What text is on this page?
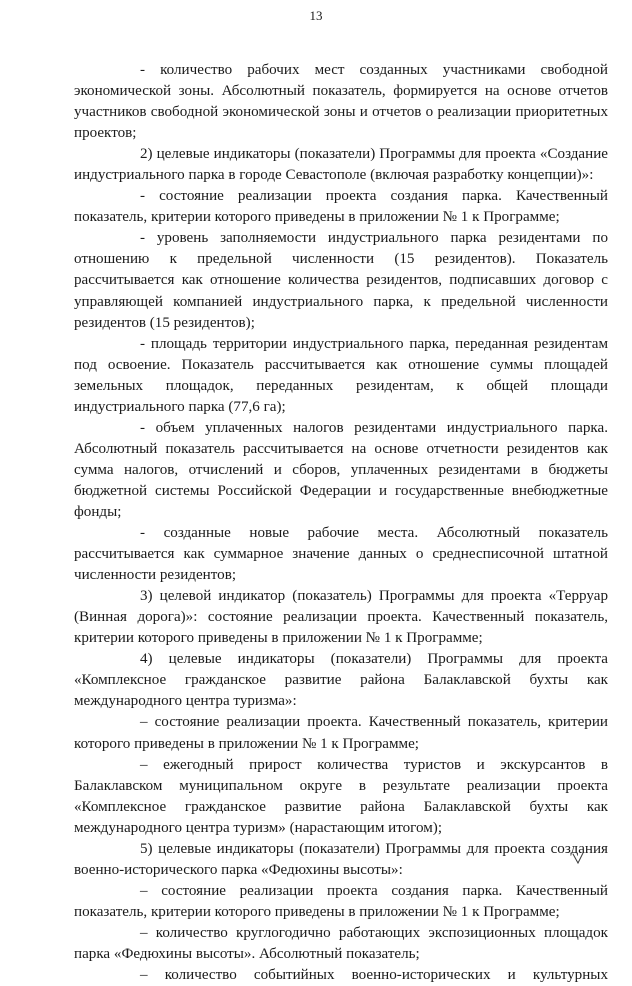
13

- количество рабочих мест созданных участниками свободной экономической зоны. Абсолютный показатель, формируется на основе отчетов участников свободной экономической зоны и отчетов о реализации приоритетных проектов;

2) целевые индикаторы (показатели) Программы для проекта «Создание индустриального парка в городе Севастополе (включая разработку концепции)»:

- состояние реализации проекта создания парка. Качественный показатель, критерии которого приведены в приложении № 1 к Программе;

- уровень заполняемости индустриального парка резидентами по отношению к предельной численности (15 резидентов). Показатель рассчитывается как отношение количества резидентов, подписавших договор с управляющей компанией индустриального парка, к предельной численности резидентов (15 резидентов);

- площадь территории индустриального парка, переданная резидентам под освоение. Показатель рассчитывается как отношение суммы площадей земельных площадок, переданных резидентам, к общей площади индустриального парка (77,6 га);

- объем уплаченных налогов резидентами индустриального парка. Абсолютный показатель рассчитывается на основе отчетности резидентов как сумма налогов, отчислений и сборов, уплаченных резидентами в бюджеты бюджетной системы Российской Федерации и государственные внебюджетные фонды;

- созданные новые рабочие места. Абсолютный показатель рассчитывается как суммарное значение данных о среднесписочной штатной численности резидентов;

3) целевой индикатор (показатель) Программы для проекта «Терруар (Винная дорога)»: состояние реализации проекта. Качественный показатель, критерии которого приведены в приложении № 1 к Программе;

4) целевые индикаторы (показатели) Программы для проекта «Комплексное гражданское развитие района Балаклавской бухты как международного центра туризма»:

– состояние реализации проекта. Качественный показатель, критерии которого приведены в приложении № 1 к Программе;

– ежегодный прирост количества туристов и экскурсантов в Балаклавском муниципальном округе в результате реализации проекта «Комплексное гражданское развитие района Балаклавской бухты как международного центра туризм» (нарастающим итогом);

5) целевые индикаторы (показатели) Программы для проекта создания военно-исторического парка «Федюхины высоты»:

– состояние реализации проекта создания парка. Качественный показатель, критерии которого приведены в приложении № 1 к Программе;

– количество круглогодично работающих экспозиционных площадок парка «Федюхины высоты». Абсолютный показатель;

– количество событийных военно-исторических и культурных
